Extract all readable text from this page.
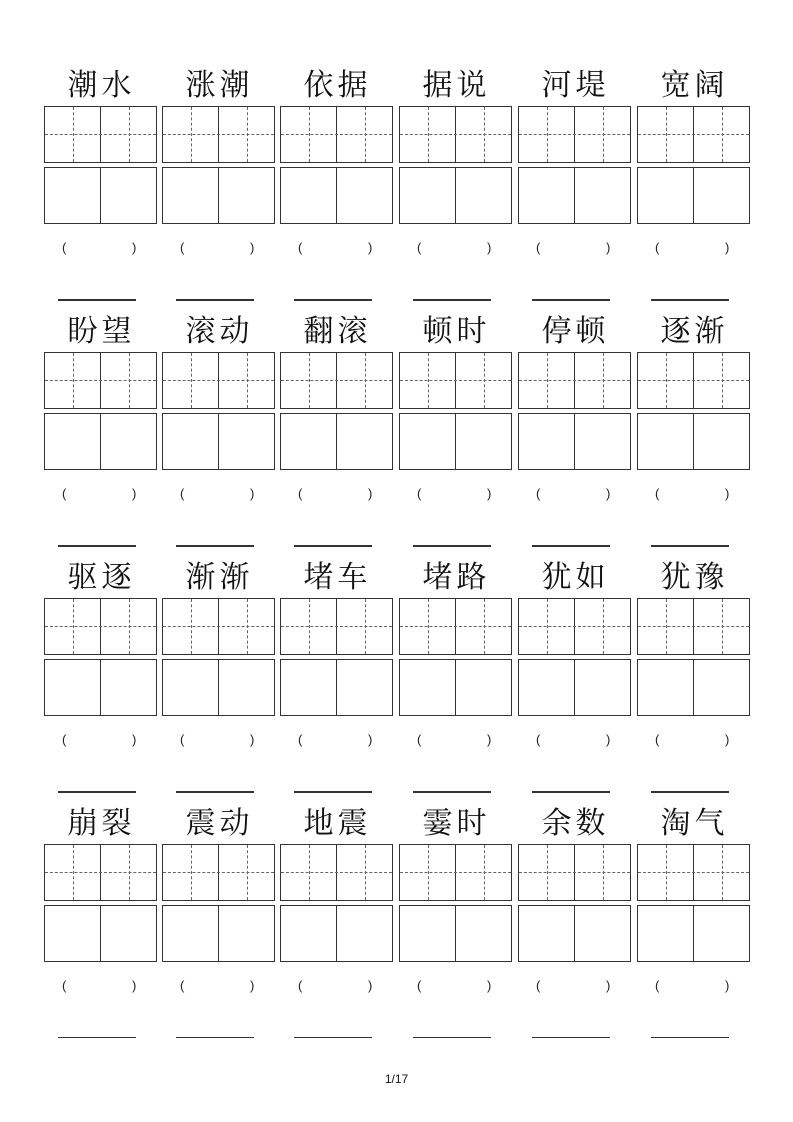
潮水
(	)
涨潮
(	)
依据
(	)
据说
(	)
河堤
(	)
宽阔
(	)
盼望
(	)
滚动
(	)
翻滚
(	)
顿时
(	)
停顿
(	)
逐渐
(	)
驱逐
(	)
渐渐
(	)
堵车
(	)
堵路
(	)
犹如
(	)
犹豫
(	)
崩裂
(	)
震动
(	)
地震
(	)
霎时
(	)
余数
(	)
淘气
(	)
1/17
